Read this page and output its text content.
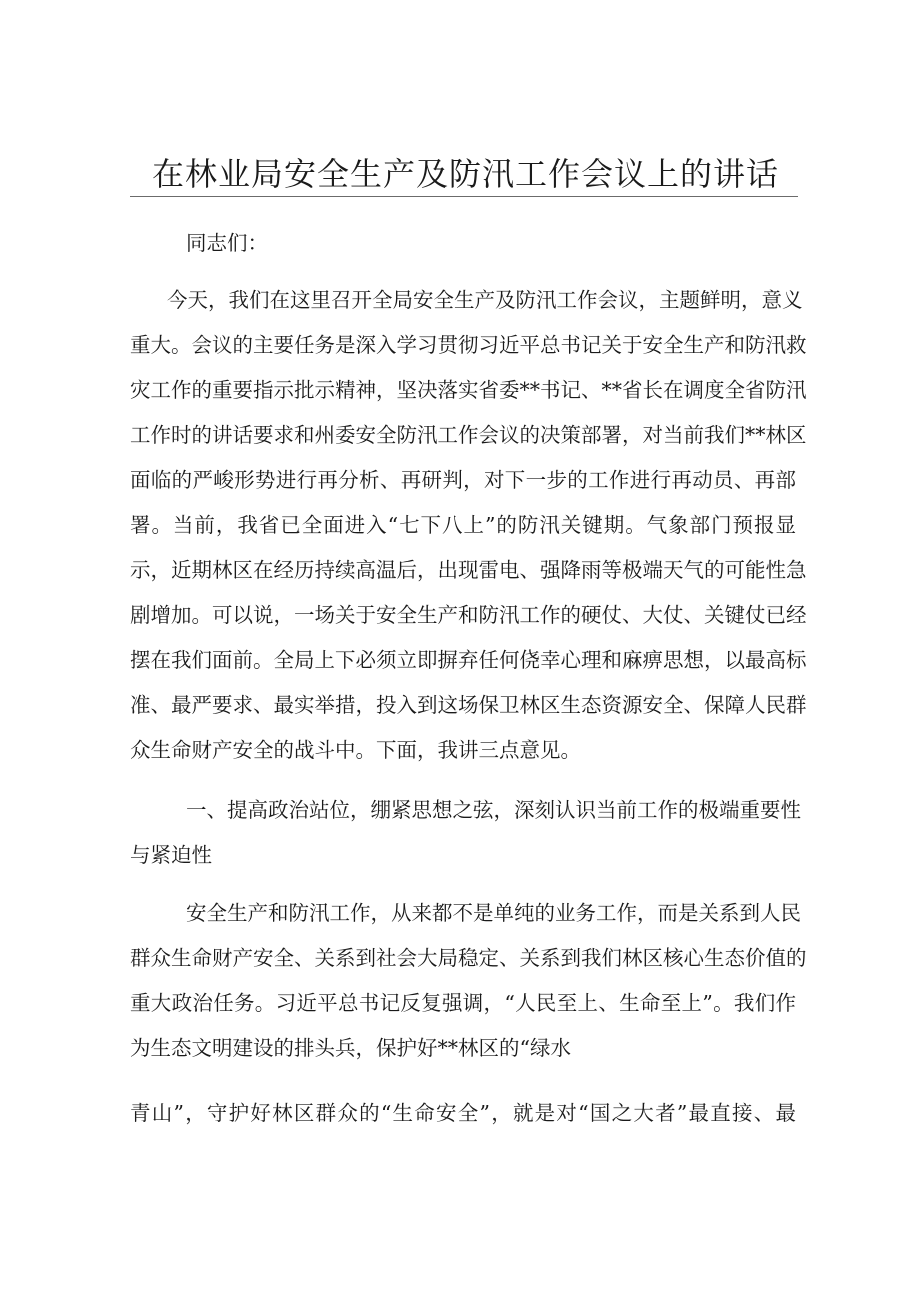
在林业局安全生产及防汛工作会议上的讲话

同志们：

今天，我们在这里召开全局安全生产及防汛工作会议，主题鲜明，意义

重大。会议的主要任务是深入学习贯彻习近平总书记关于安全生产和防汛救

灾工作的重要指示批示精神，坚决落实省委**书记、**省长在调度全省防汛

工作时的讲话要求和州委安全防汛工作会议的决策部署，对当前我们**林区

面临的严峻形势进行再分析、再研判，对下一步的工作进行再动员、再部

署。当前，我省已全面进入“七下八上”的防汛关键期。气象部门预报显

示，近期林区在经历持续高温后，出现雷电、强降雨等极端天气的可能性急

剧增加。可以说，一场关于安全生产和防汛工作的硬仗、大仗、关键仗已经

摆在我们面前。全局上下必须立即摒弃任何侥幸心理和麻痹思想，以最高标

准、最严要求、最实举措，投入到这场保卫林区生态资源安全、保障人民群

众生命财产安全的战斗中。下面，我讲三点意见。

一、提高政治站位，绷紧思想之弦，深刻认识当前工作的极端重要性

与紧迫性

安全生产和防汛工作，从来都不是单纯的业务工作，而是关系到人民

群众生命财产安全、关系到社会大局稳定、关系到我们林区核心生态价值的

重大政治任务。习近平总书记反复强调，“人民至上、生命至上”。我们作

为生态文明建设的排头兵，保护好**林区的“绿水

青山”，守护好林区群众的“生命安全”，就是对“国之大者”最直接、最
